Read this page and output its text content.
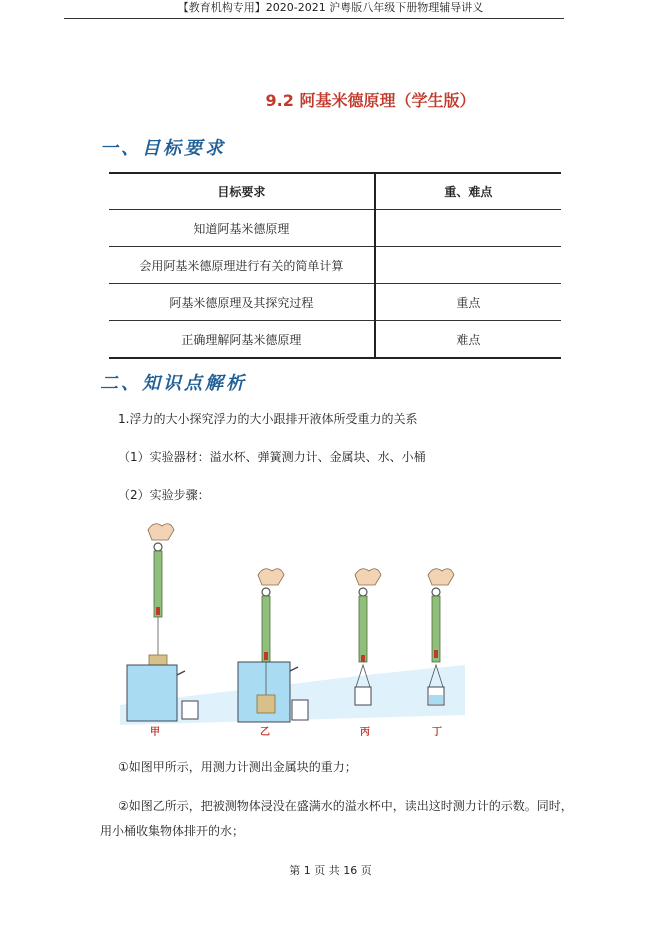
【教育机构专用】2020-2021 沪粤版八年级下册物理辅导讲义
9.2 阿基米德原理（学生版）
一、目标要求
目标要求	重、难点
知道阿基米德原理	
会用阿基米德原理进行有关的简单计算	
阿基米德原理及其探究过程	重点
正确理解阿基米德原理	难点
二、知识点解析
1.浮力的大小探究浮力的大小跟排开液体所受重力的关系
（1）实验器材：溢水杯、弹簧测力计、金属块、水、小桶
（2）实验步骤：
甲	乙	丙	丁
①如图甲所示，用测力计测出金属块的重力；
②如图乙所示，把被测物体浸没在盛满水的溢水杯中，读出这时测力计的示数。同时，
用小桶收集物体排开的水；
第 1 页 共 16 页
